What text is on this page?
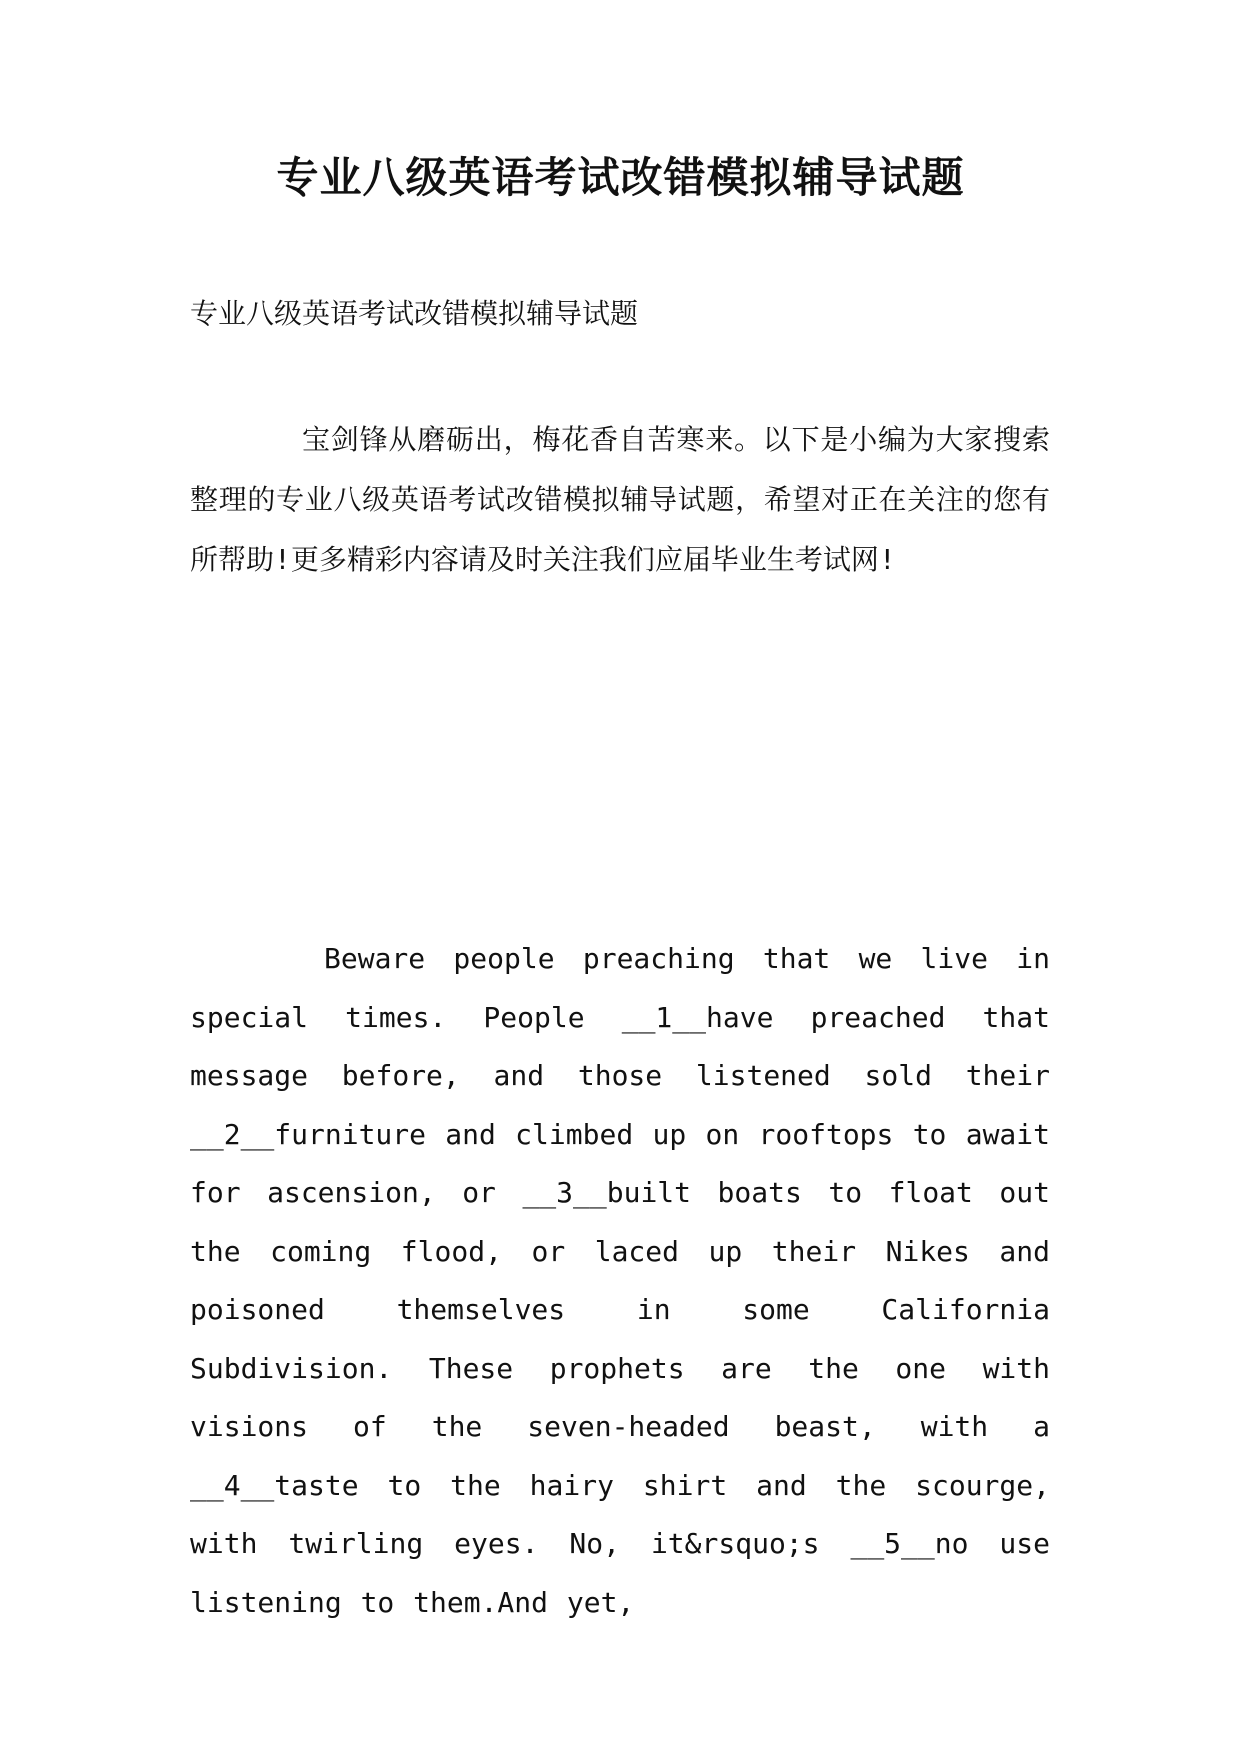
专业八级英语考试改错模拟辅导试题

专业八级英语考试改错模拟辅导试题

宝剑锋从磨砺出，梅花香自苦寒来。以下是小编为大家搜索整理的专业八级英语考试改错模拟辅导试题，希望对正在关注的您有所帮助!更多精彩内容请及时关注我们应届毕业生考试网!

Beware people preaching that we live in special times. People __1__have preached that message before, and those listened sold their __2__furniture and climbed up on rooftops to await for ascension, or __3__built boats to float out the coming flood, or laced up their Nikes and poisoned themselves in some California Subdivision. These prophets are the one with visions of the seven-headed beast, with a __4__taste to the hairy shirt and the scourge, with twirling eyes. No, it&rsquo;s __5__no use listening to them.And yet,
